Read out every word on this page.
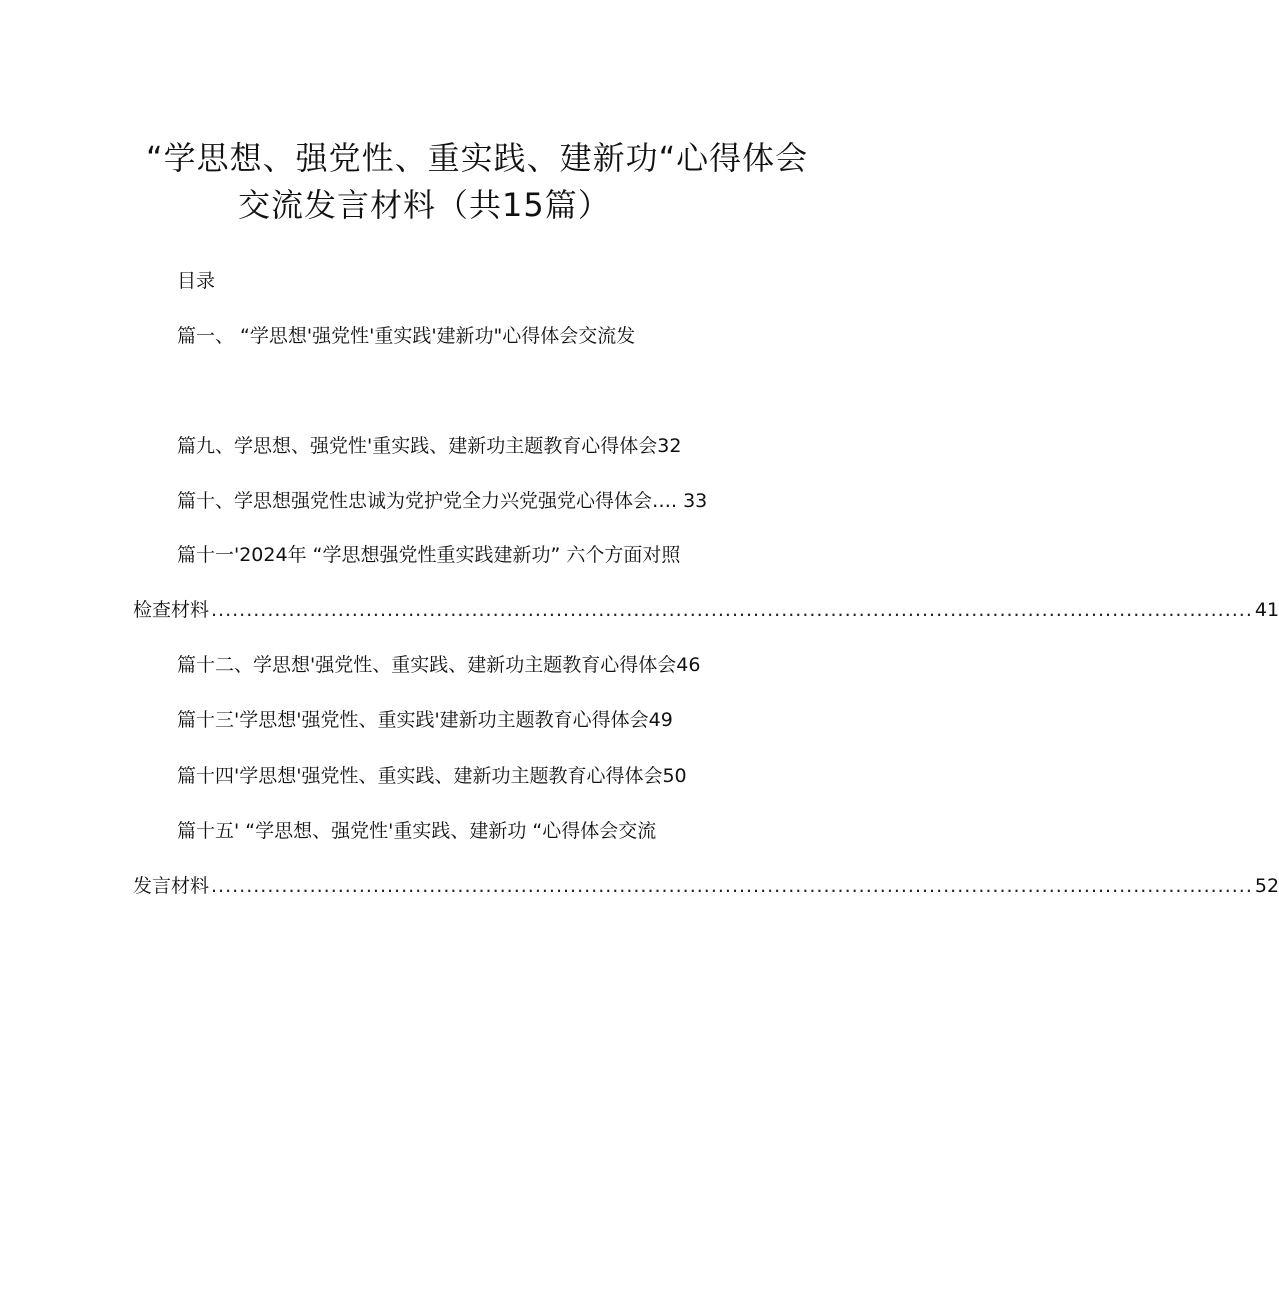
“学思想、强党性、重实践、建新功“心得体会
交流发言材料（共15篇）
目录
篇一、 “学思想'强党性'重实践'建新功"心得体会交流发
篇九、学思想、强党性'重实践、建新功主题教育心得体会32
篇十、学思想强党性忠诚为党护党全力兴党强党心得体会…. 33
篇十一'2024年 “学思想强党性重实践建新功” 六个方面对照
检查材料 .................................................................................................................................................... 41
篇十二、学思想'强党性、重实践、建新功主题教育心得体会46
篇十三'学思想'强党性、重实践'建新功主题教育心得体会49
篇十四'学思想'强党性、重实践、建新功主题教育心得体会50
篇十五' “学思想、强党性'重实践、建新功 “心得体会交流
发言材料 .................................................................................................................................................... 52
